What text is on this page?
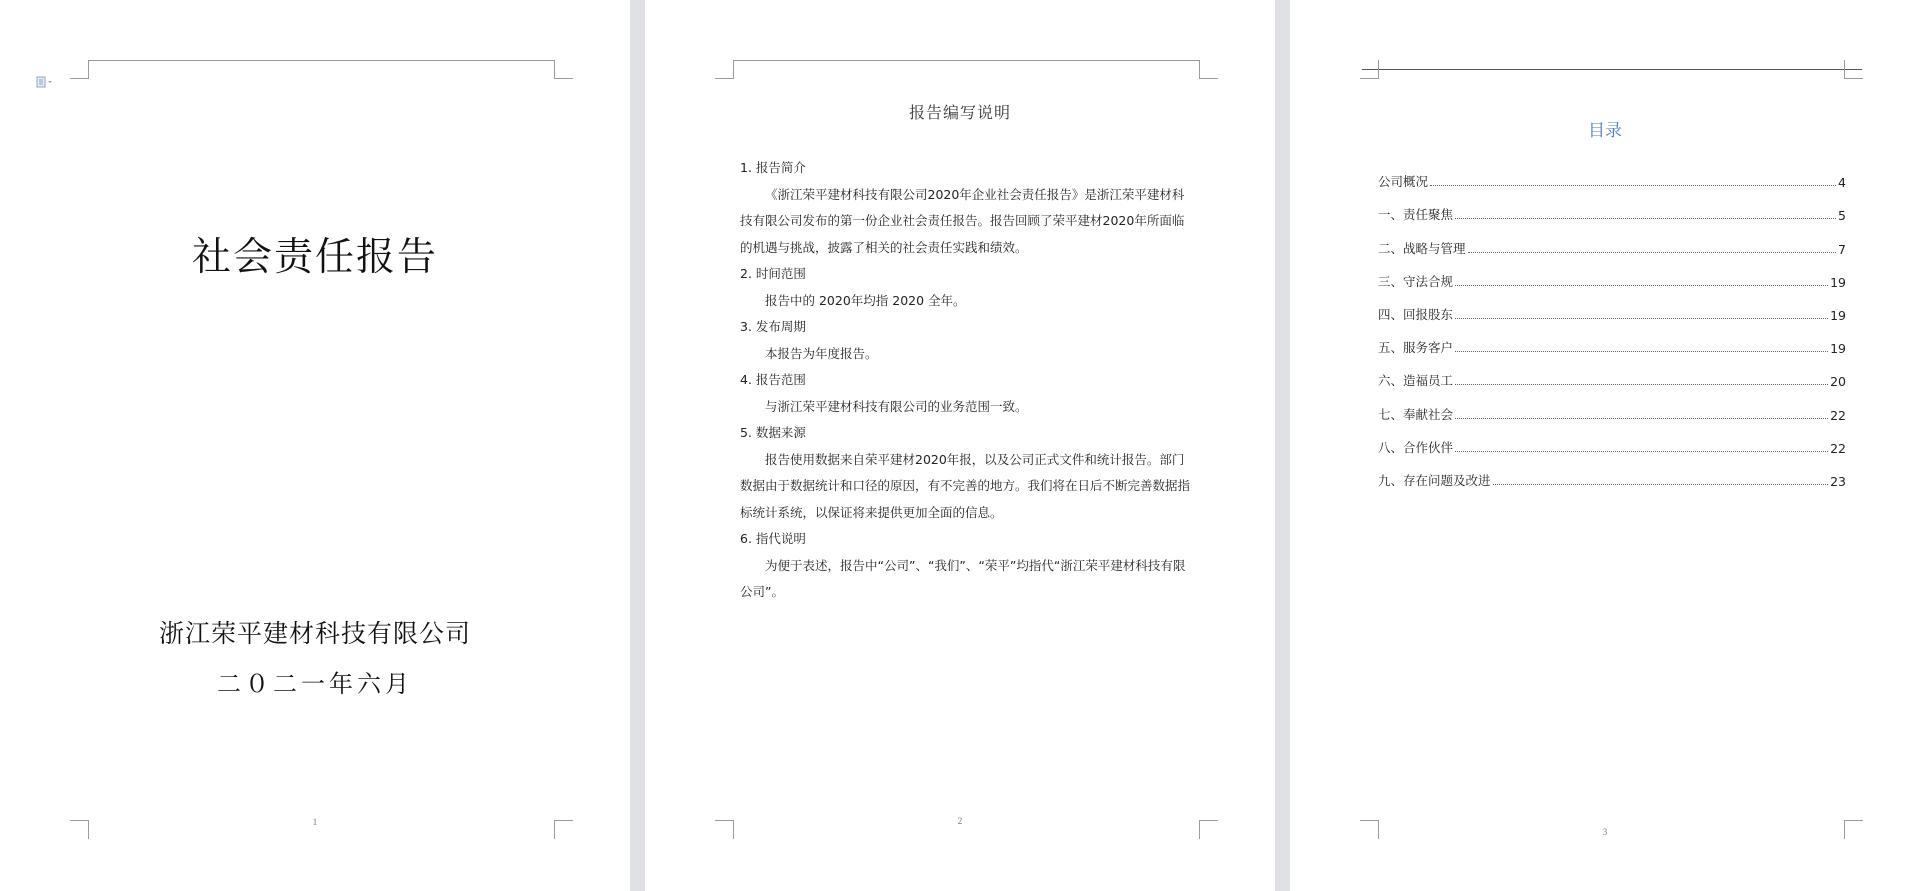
社会责任报告
浙江荣平建材科技有限公司
二０二一年六月
1
报告编写说明

1. 报告简介

《浙江荣平建材科技有限公司2020年企业社会责任报告》是浙江荣平建材科技有限公司发布的第一份企业社会责任报告。报告回顾了荣平建材2020年所面临的机遇与挑战，披露了相关的社会责任实践和绩效。

2. 时间范围

报告中的 2020年均指 2020 全年。

3. 发布周期

本报告为年度报告。

4. 报告范围

与浙江荣平建材科技有限公司的业务范围一致。

5. 数据来源

报告使用数据来自荣平建材2020年报，以及公司正式文件和统计报告。部门数据由于数据统计和口径的原因，有不完善的地方。我们将在日后不断完善数据指标统计系统，以保证将来提供更加全面的信息。

6. 指代说明

为便于表述，报告中“公司”、“我们”、“荣平”均指代“浙江荣平建材科技有限公司”。

2
目录
公司概况	4
一、责任聚焦	5
二、战略与管理	7
三、守法合规	19
四、回报股东	19
五、服务客户	19
六、造福员工	20
七、奉献社会	22
八、合作伙伴	22
九、存在问题及改进	23
3
